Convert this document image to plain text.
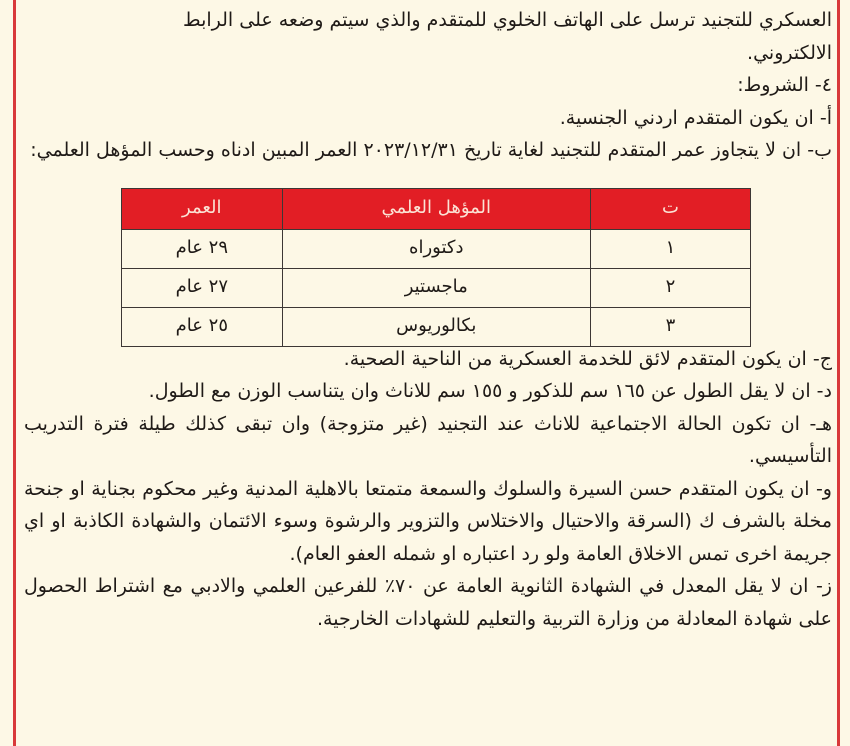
العسكري للتجنيد ترسل على الهاتف الخلوي للمتقدم والذي سيتم وضعه على الرابط

الالكتروني.

٤- الشروط:

أ- ان يكون المتقدم اردني الجنسية.

ب- ان لا يتجاوز عمر المتقدم للتجنيد لغاية تاريخ ٢٠٢٣/١٢/٣١ العمر المبين ادناه وحسب المؤهل العلمي:

ت	المؤهل العلمي	العمر
١	دكتوراه	٢٩ عام
٢	ماجستير	٢٧ عام
٣	بكالوريوس	٢٥ عام

ج- ان يكون المتقدم لائق للخدمة العسكرية من الناحية الصحية.

د- ان لا يقل الطول عن ١٦٥ سم للذكور و ١٥٥ سم للاناث وان يتناسب الوزن مع الطول.

هـ- ان تكون الحالة الاجتماعية للاناث عند التجنيد (غير متزوجة) وان تبقى كذلك طيلة فترة التدريب التأسيسي.

و- ان يكون المتقدم حسن السيرة والسلوك والسمعة متمتعا بالاهلية المدنية وغير محكوم بجناية او جنحة مخلة بالشرف ك (السرقة والاحتيال والاختلاس والتزوير والرشوة وسوء الائتمان والشهادة الكاذبة او اي جريمة اخرى تمس الاخلاق العامة ولو رد اعتباره او شمله العفو العام).

ز- ان لا يقل المعدل في الشهادة الثانوية العامة عن ٧٠٪ للفرعين العلمي والادبي مع اشتراط الحصول على شهادة المعادلة من وزارة التربية والتعليم للشهادات الخارجية.
